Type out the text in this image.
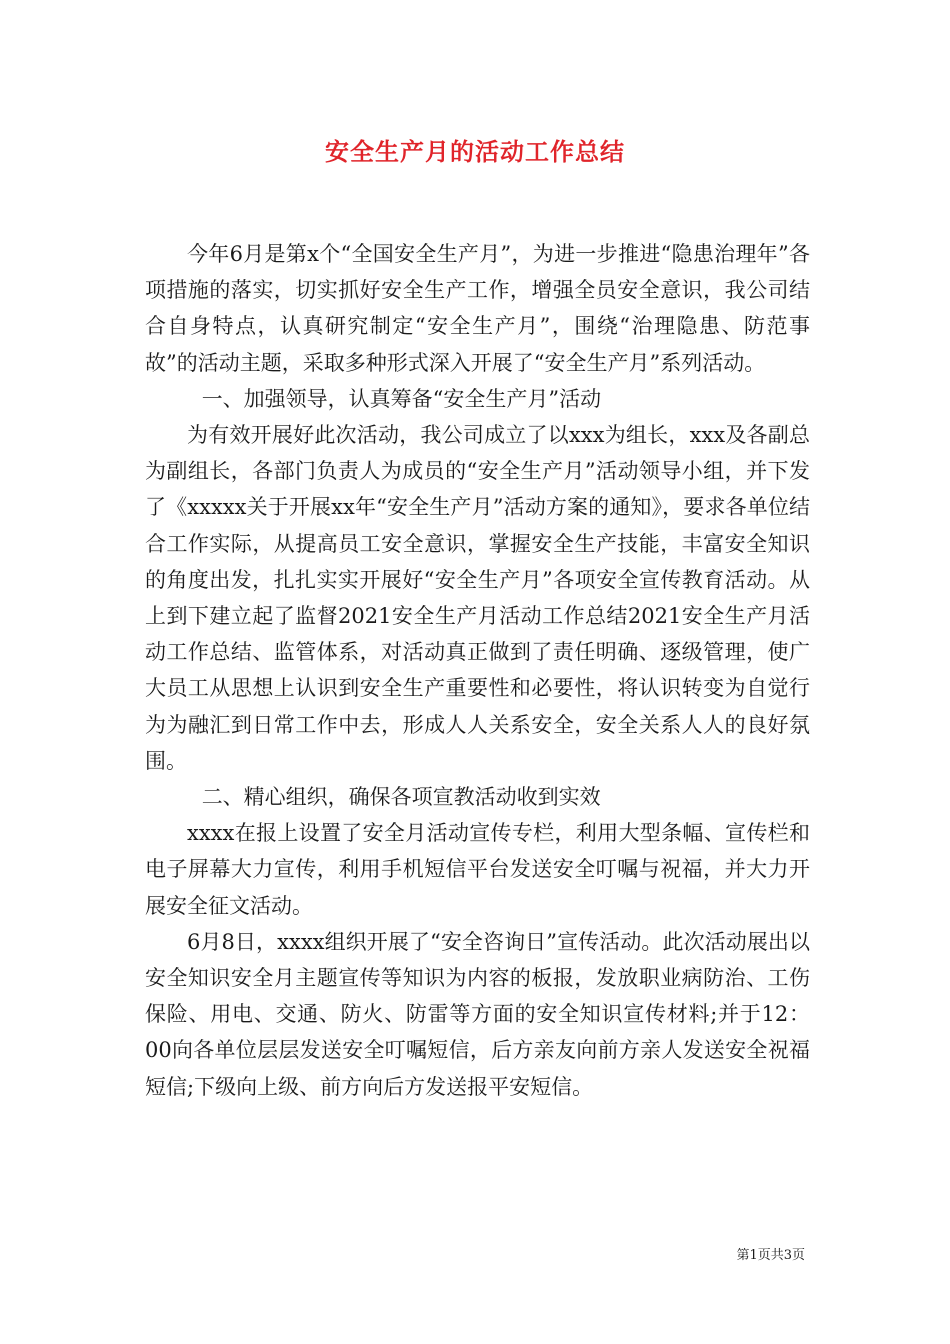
安全生产月的活动工作总结

今年6月是第x个“全国安全生产月”，为进一步推进“隐患治理年”各项措施的落实，切实抓好安全生产工作，增强全员安全意识，我公司结合自身特点，认真研究制定“安全生产月”，围绕“治理隐患、防范事故”的活动主题，采取多种形式深入开展了“安全生产月”系列活动。

一、加强领导，认真筹备“安全生产月”活动

为有效开展好此次活动，我公司成立了以xxx为组长，xxx及各副总为副组长，各部门负责人为成员的“安全生产月”活动领导小组，并下发了《xxxxx关于开展xx年“安全生产月”活动方案的通知》，要求各单位结合工作实际，从提高员工安全意识，掌握安全生产技能，丰富安全知识的角度出发，扎扎实实开展好“安全生产月”各项安全宣传教育活动。从上到下建立起了监督2021安全生产月活动工作总结2021安全生产月活动工作总结、监管体系，对活动真正做到了责任明确、逐级管理，使广大员工从思想上认识到安全生产重要性和必要性，将认识转变为自觉行为为融汇到日常工作中去，形成人人关系安全，安全关系人人的良好氛围。

二、精心组织，确保各项宣教活动收到实效

xxxx在报上设置了安全月活动宣传专栏，利用大型条幅、宣传栏和电子屏幕大力宣传，利用手机短信平台发送安全叮嘱与祝福，并大力开展安全征文活动。

6月8日，xxxx组织开展了“安全咨询日”宣传活动。此次活动展出以安全知识安全月主题宣传等知识为内容的板报，发放职业病防治、工伤保险、用电、交通、防火、防雷等方面的安全知识宣传材料;并于12：00向各单位层层发送安全叮嘱短信，后方亲友向前方亲人发送安全祝福短信;下级向上级、前方向后方发送报平安短信。

第1页共3页
